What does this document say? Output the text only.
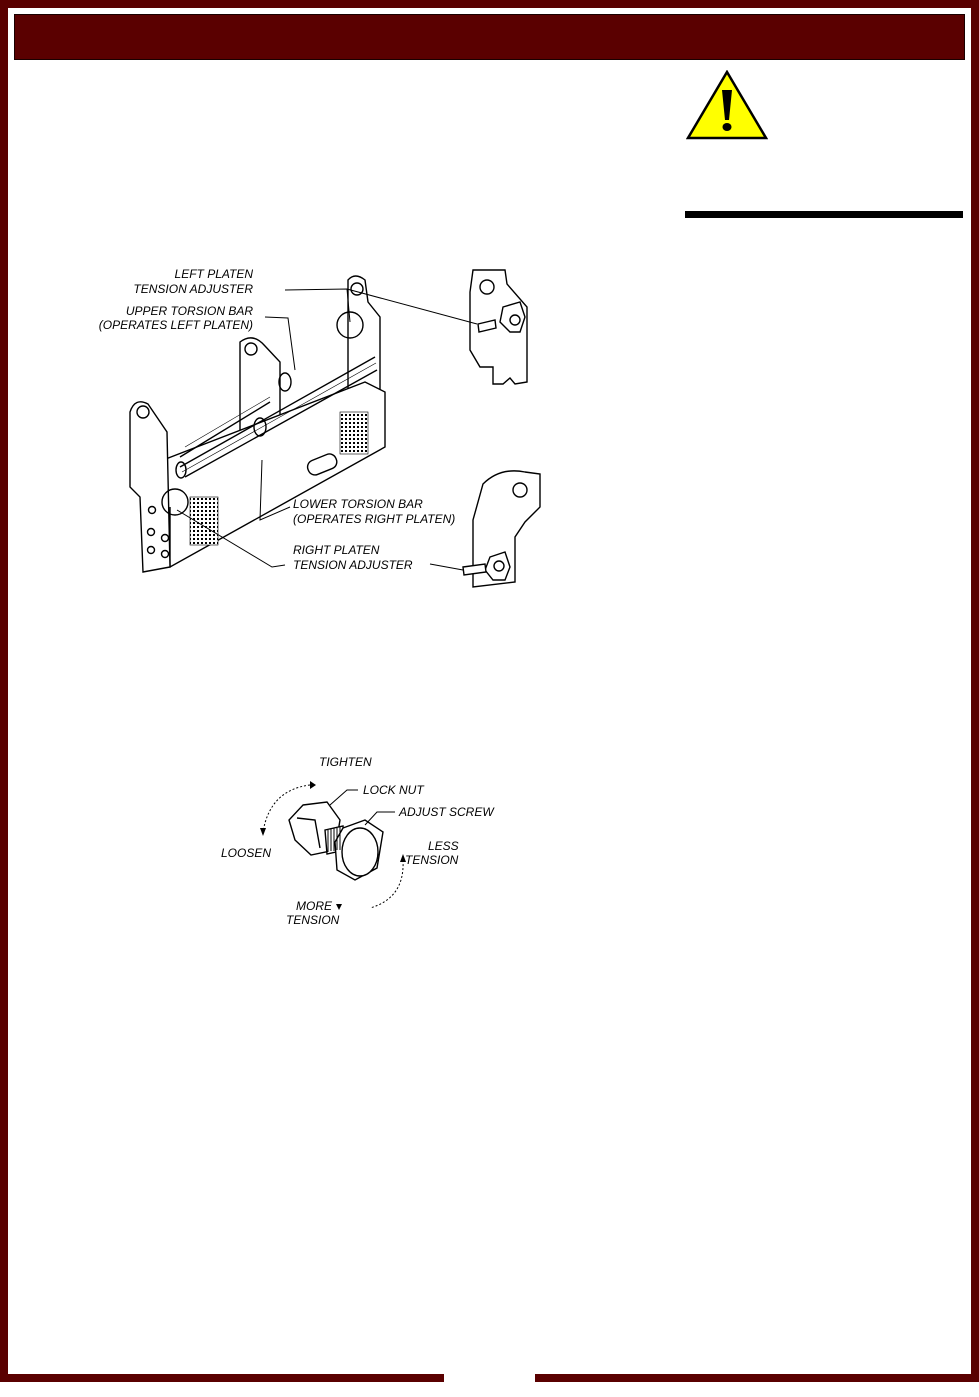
LEFT PLATEN
TENSION ADJUSTER
UPPER TORSION BAR
(OPERATES LEFT PLATEN)
LOWER TORSION BAR
(OPERATES RIGHT PLATEN)
RIGHT PLATEN
TENSION ADJUSTER
TIGHTEN
LOCK NUT
ADJUST SCREW
LOOSEN	LESS
TENSION
MORE
TENSION
